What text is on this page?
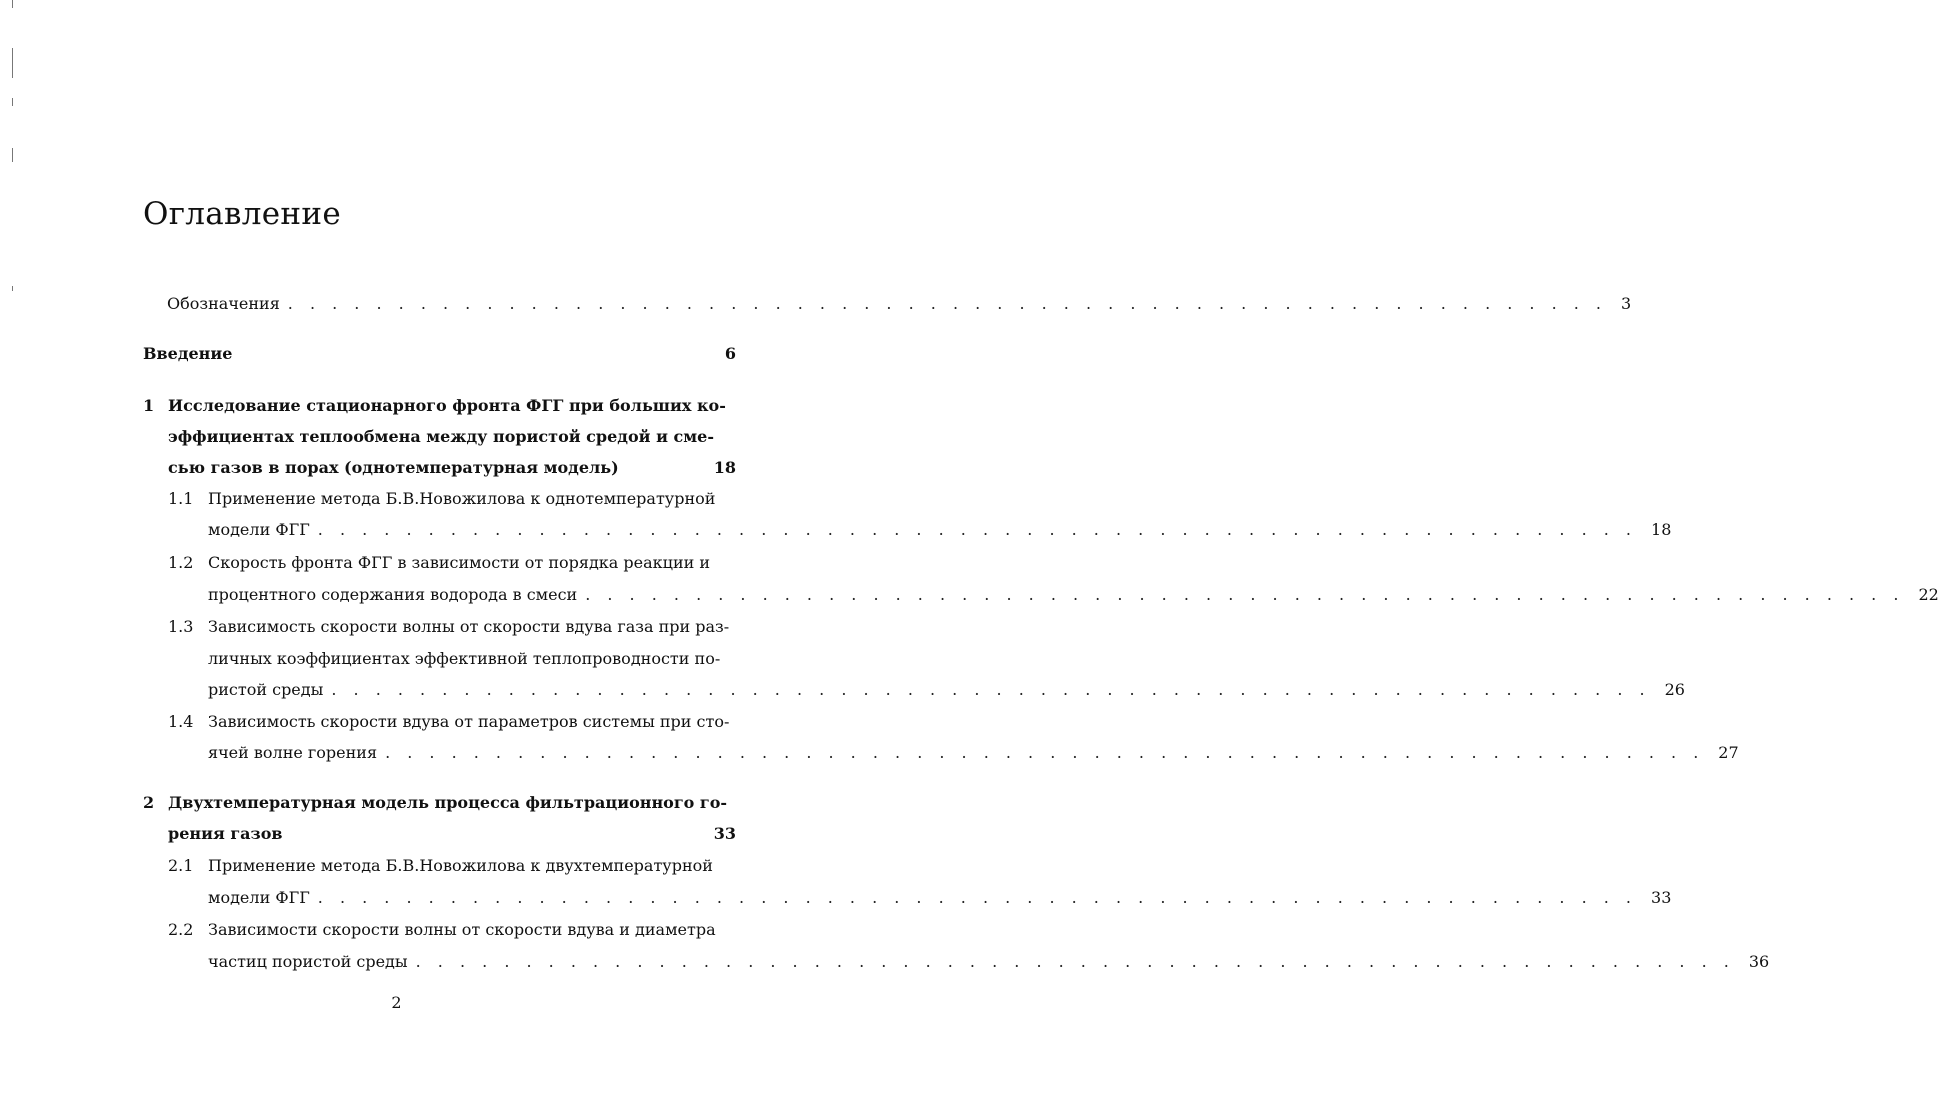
Оглавление
Обозначения . . . . . . . . . . . . . . . . . . . . . . . . . . . . . . . . . . . . . . . . . . . . . . . . . . . . . . . . . . . . 3
Введение	6
1 Исследование стационарного фронта ФГГ при больших ко-
эффициентах теплообмена между пористой средой и сме-
сью газов в порах (однотемпературная модель)	18
1.1 Применение метода Б.В.Новожилова к однотемпературной
модели ФГГ . . . . . . . . . . . . . . . . . . . . . . . . . . . . . . . . . . . . . . . . . . . . . . . . . . . . . . . . . . . . 18
1.2 Скорость фронта ФГГ в зависимости от порядка реакции и
процентного содержания водорода в смеси . . . . . . . . . . . . . . . . . . . . . . . . . . . . . . . . . . . . . . . . . . . . . . . . . . . . . . . . . . . . 22
1.3 Зависимость скорости волны от скорости вдува газа при раз-
личных коэффициентах эффективной теплопроводности по-
ристой среды . . . . . . . . . . . . . . . . . . . . . . . . . . . . . . . . . . . . . . . . . . . . . . . . . . . . . . . . . . . . 26
1.4 Зависимость скорости вдува от параметров системы при сто-
ячей волне горения . . . . . . . . . . . . . . . . . . . . . . . . . . . . . . . . . . . . . . . . . . . . . . . . . . . . . . . . . . . . 27
2 Двухтемпературная модель процесса фильтрационного го-
рения газов	33
2.1 Применение метода Б.В.Новожилова к двухтемпературной
модели ФГГ . . . . . . . . . . . . . . . . . . . . . . . . . . . . . . . . . . . . . . . . . . . . . . . . . . . . . . . . . . . . 33
2.2 Зависимости скорости волны от скорости вдува и диаметра
частиц пористой среды . . . . . . . . . . . . . . . . . . . . . . . . . . . . . . . . . . . . . . . . . . . . . . . . . . . . . . . . . . . . 36
2
